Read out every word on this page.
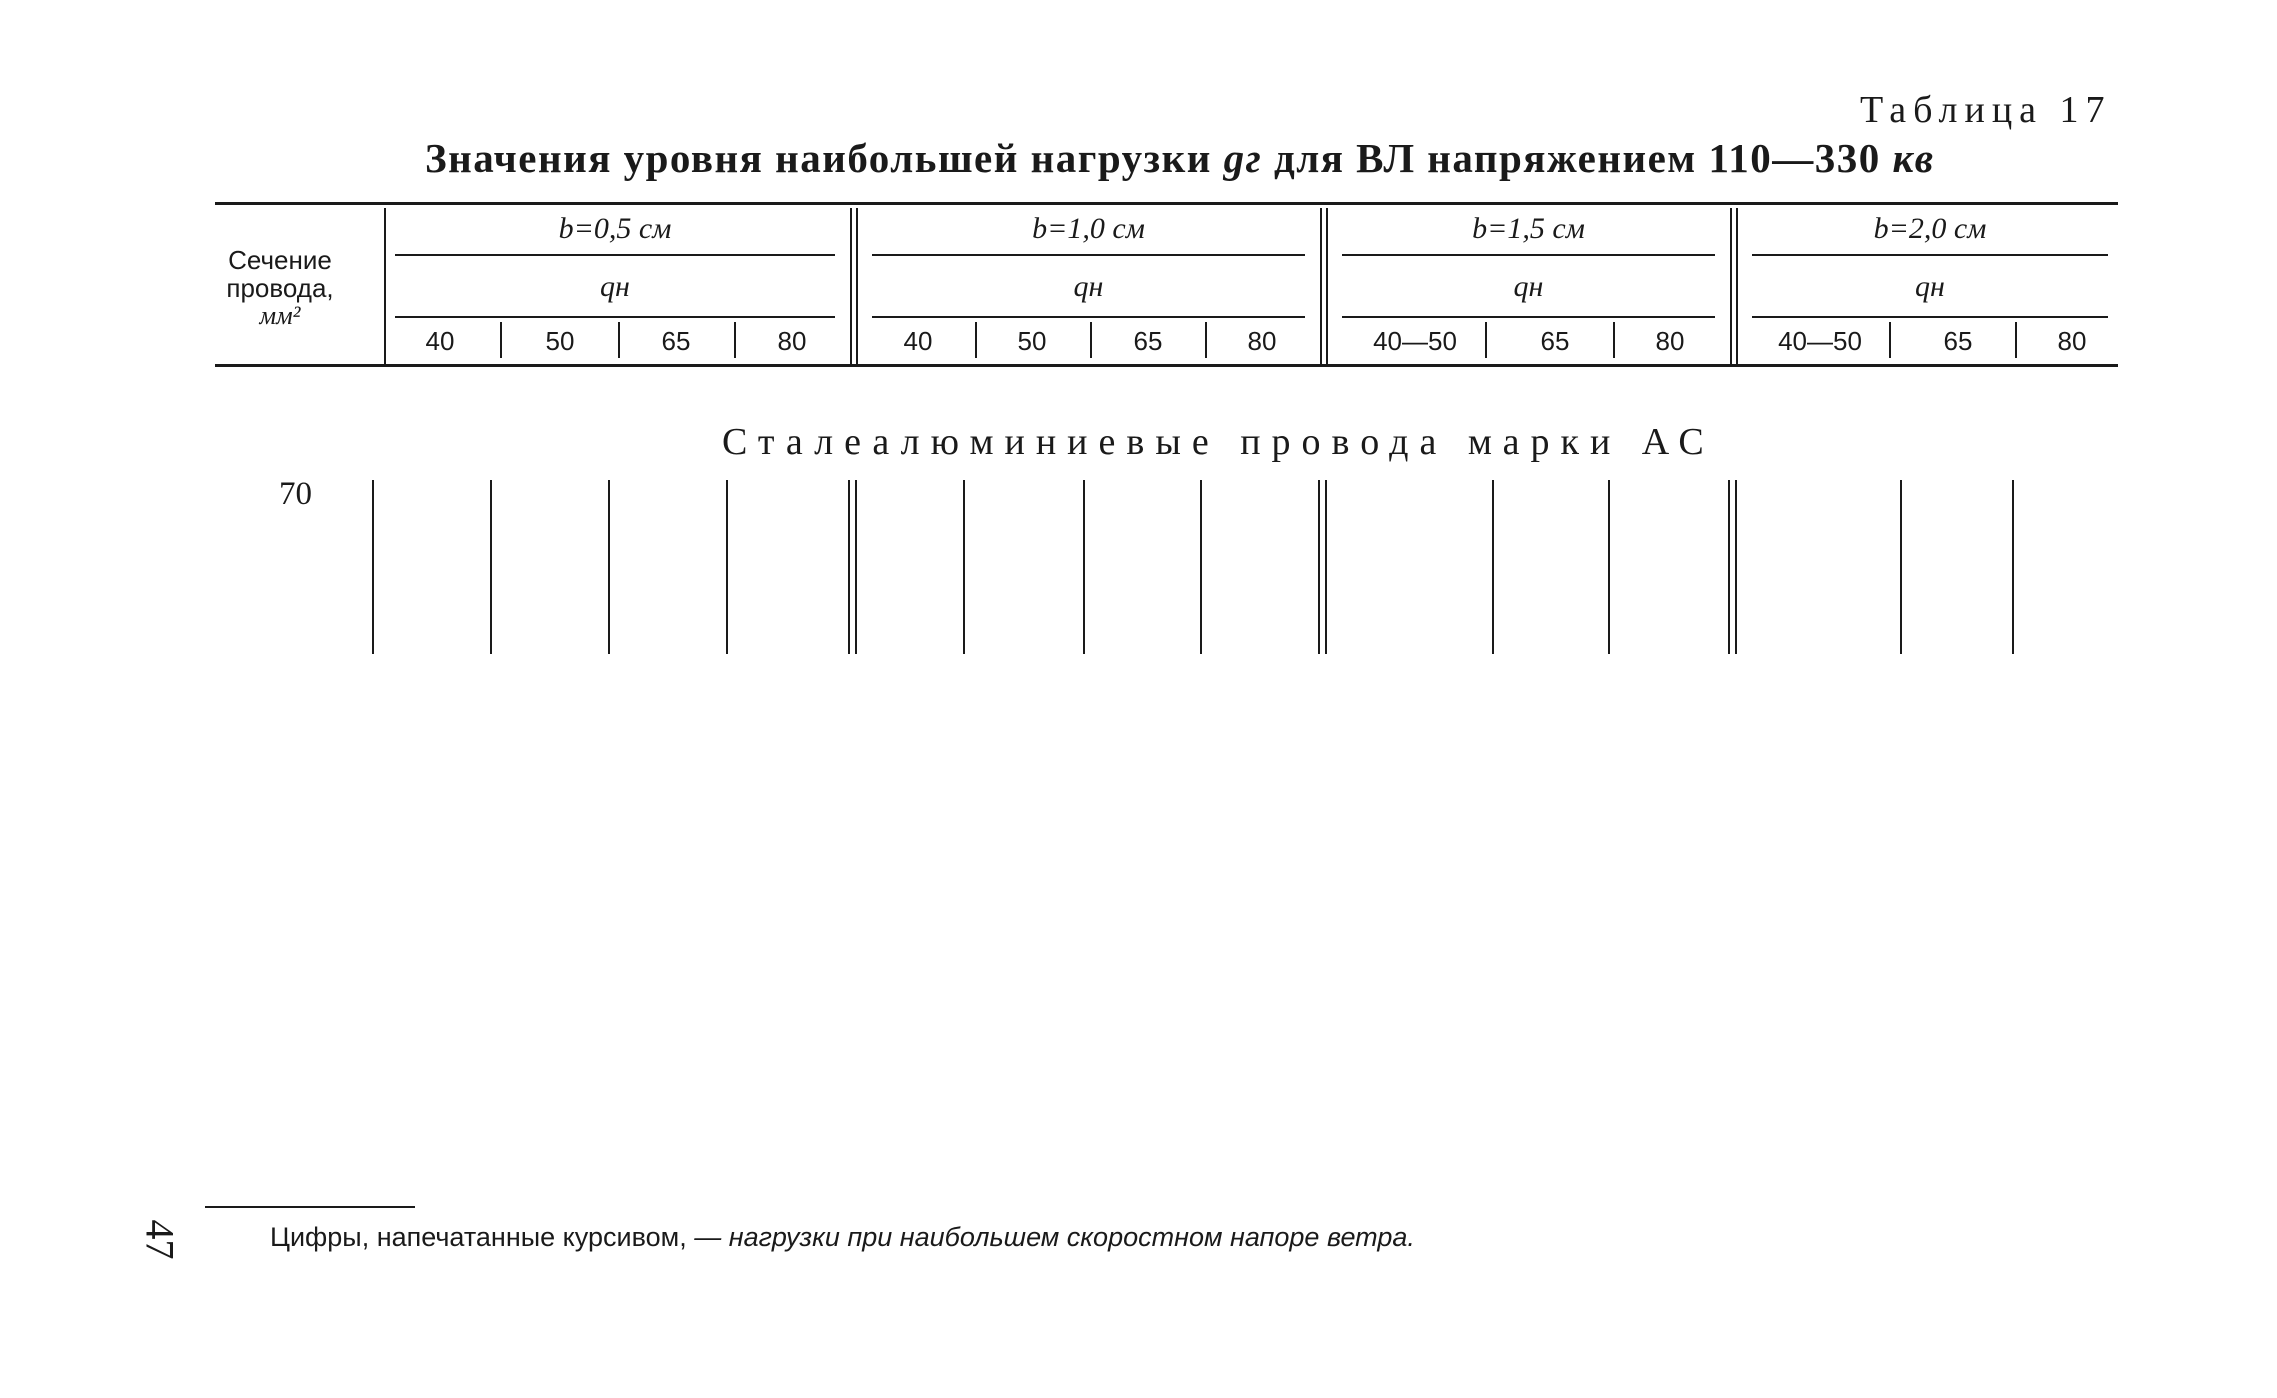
Таблица 17
Значения уровня наибольшей нагрузки gг для ВЛ напряжением 110—330 кв
Сечение
провода,
мм²
b=0,5 см
qн
40	50	65	80
b=1,0 см
qн
40	50	65	80
b=1,5 см
qн
40—50	65	80
b=2,0 см
qн
40—50	65	80
Сталеалюминиевые провода марки АС
70
Цифры, напечатанные курсивом, — нагрузки при наибольшем скоростном напоре ветра.
47
